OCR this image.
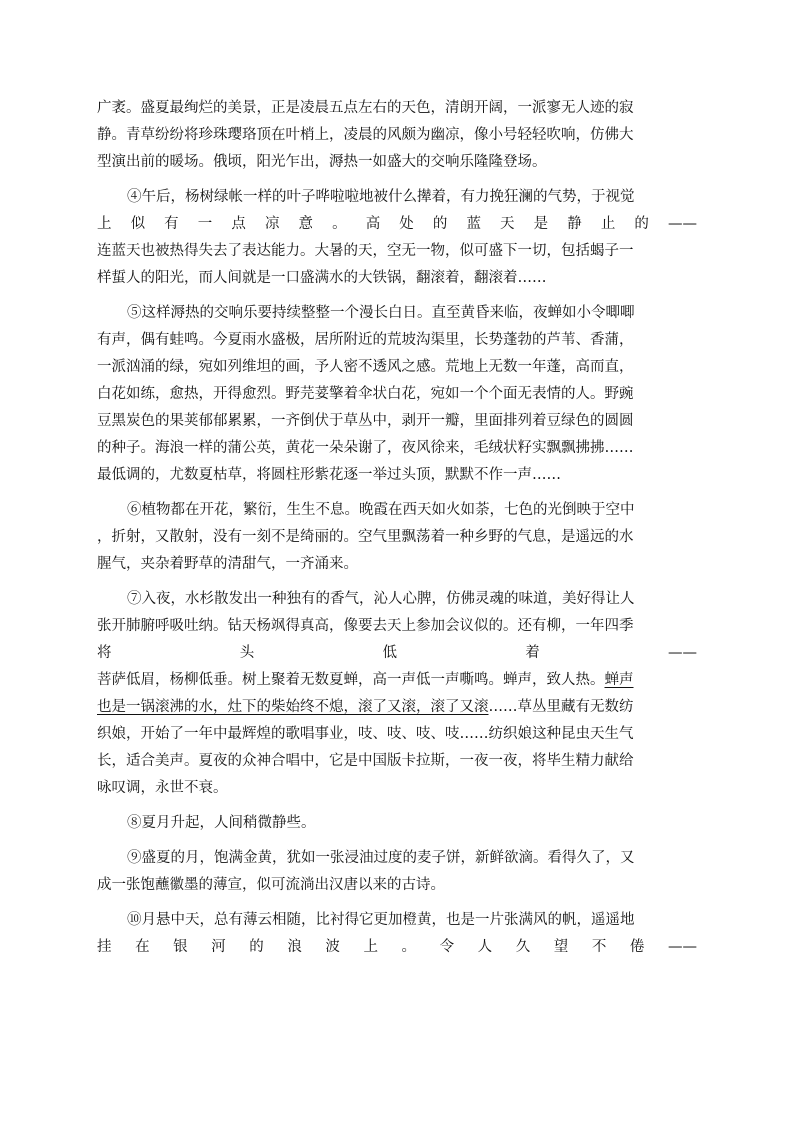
广袤。盛夏最绚烂的美景，正是凌晨五点左右的天色，清朗开阔，一派寥无人迹的寂
静。青草纷纷将珍珠璎珞顶在叶梢上，凌晨的风颇为幽凉，像小号轻轻吹响，仿佛大
型演出前的暖场。俄顷，阳光乍出，溽热一如盛大的交响乐隆隆登场。
④午后，杨树绿帐一样的叶子哗啦啦地被什么撵着，有力挽狂澜的气势，于视觉
上似有一点凉意。高处的蓝天是静止的——
连蓝天也被热得失去了表达能力。大暑的天，空无一物，似可盛下一切，包括蝎子一
样蜇人的阳光，而人间就是一口盛满水的大铁锅，翻滚着，翻滚着……
⑤这样溽热的交响乐要持续整整一个漫长白日。直至黄昏来临，夜蝉如小令唧唧
有声，偶有蛙鸣。今夏雨水盛极，居所附近的荒坡沟渠里，长势蓬勃的芦苇、香蒲，
一派汹涌的绿，宛如列维坦的画，予人密不透风之感。荒地上无数一年蓬，高而直，
白花如练，愈热，开得愈烈。野芫荽擎着伞状白花，宛如一个个面无表情的人。野豌
豆黑炭色的果荚郁郁累累，一齐倒伏于草丛中，剥开一瓣，里面排列着豆绿色的圆圆
的种子。海浪一样的蒲公英，黄花一朵朵谢了，夜风徐来，毛绒状籽实飘飘拂拂……
最低调的，尤数夏枯草，将圆柱形紫花逐一举过头顶，默默不作一声……
⑥植物都在开花，繁衍，生生不息。晚霞在西天如火如荼，七色的光倒映于空中
，折射，又散射，没有一刻不是绮丽的。空气里飘荡着一种乡野的气息，是遥远的水
腥气，夹杂着野草的清甜气，一齐涌来。
⑦入夜，水杉散发出一种独有的香气，沁人心脾，仿佛灵魂的味道，美好得让人
张开肺腑呼吸吐纳。钻天杨飒得真高，像要去天上参加会议似的。还有柳，一年四季
将头低着——
菩萨低眉，杨柳低垂。树上聚着无数夏蝉，高一声低一声嘶鸣。蝉声，致人热。蝉声
也是一锅滚沸的水，灶下的柴始终不熄，滚了又滚，滚了又滚……草丛里藏有无数纺
织娘，开始了一年中最辉煌的歌唱事业，吱、吱、吱、吱……纺织娘这种昆虫天生气
长，适合美声。夏夜的众神合唱中，它是中国版卡拉斯，一夜一夜，将毕生精力献给
咏叹调，永世不衰。
⑧夏月升起，人间稍微静些。
⑨盛夏的月，饱满金黄，犹如一张浸油过度的麦子饼，新鲜欲滴。看得久了，又
成一张饱蘸徽墨的薄宣，似可流淌出汉唐以来的古诗。
⑩月悬中天，总有薄云相随，比衬得它更加橙黄，也是一片张满风的帆，遥遥地
挂在银河的浪波上。令人久望不倦——
